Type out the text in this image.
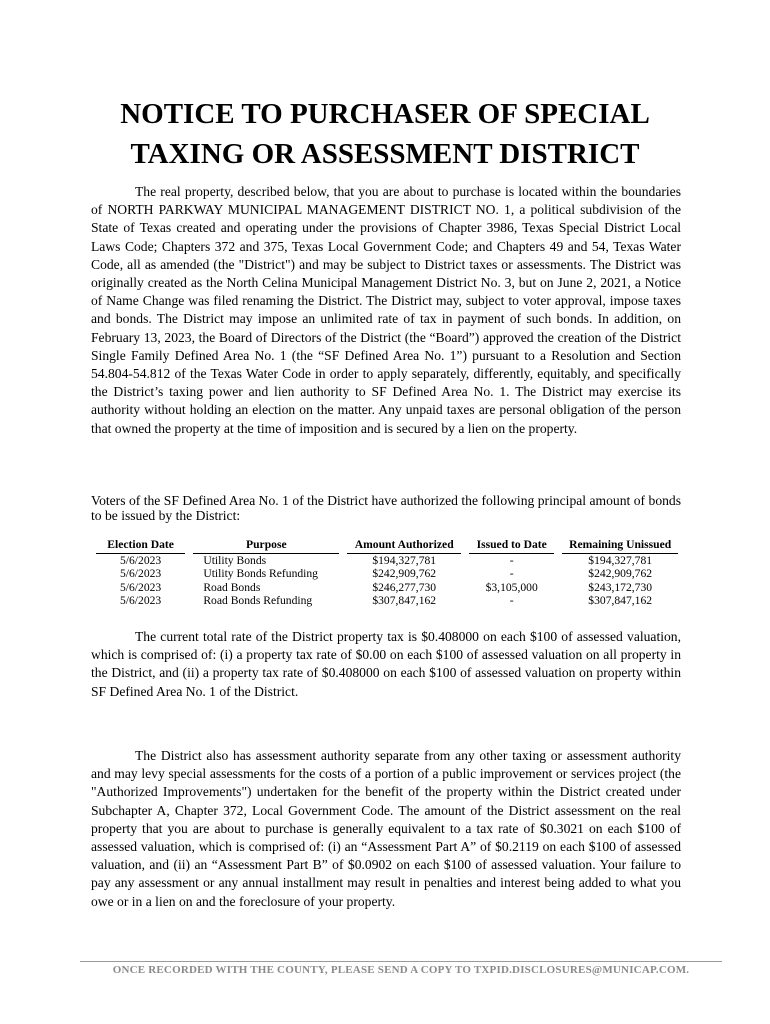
NOTICE TO PURCHASER OF SPECIAL
TAXING OR ASSESSMENT DISTRICT

The real property, described below, that you are about to purchase is located within the boundaries of NORTH PARKWAY MUNICIPAL MANAGEMENT DISTRICT NO. 1, a political subdivision of the State of Texas created and operating under the provisions of Chapter 3986, Texas Special District Local Laws Code; Chapters 372 and 375, Texas Local Government Code; and Chapters 49 and 54, Texas Water Code, all as amended (the "District") and may be subject to District taxes or assessments. The District was originally created as the North Celina Municipal Management District No. 3, but on June 2, 2021, a Notice of Name Change was filed renaming the District. The District may, subject to voter approval, impose taxes and bonds. The District may impose an unlimited rate of tax in payment of such bonds. In addition, on February 13, 2023, the Board of Directors of the District (the “Board”) approved the creation of the District Single Family Defined Area No. 1 (the “SF Defined Area No. 1”) pursuant to a Resolution and Section 54.804-54.812 of the Texas Water Code in order to apply separately, differently, equitably, and specifically the District’s taxing power and lien authority to SF Defined Area No. 1. The District may exercise its authority without holding an election on the matter. Any unpaid taxes are personal obligation of the person that owned the property at the time of imposition and is secured by a lien on the property.

Voters of the SF Defined Area No. 1 of the District have authorized the following principal amount of bonds to be issued by the District:

Election Date		Purpose		Amount Authorized		Issued to Date		Remaining Unissued
5/6/2023		Utility Bonds		$194,327,781		-		$194,327,781
5/6/2023		Utility Bonds Refunding		$242,909,762		-		$242,909,762
5/6/2023		Road Bonds		$246,277,730		$3,105,000		$243,172,730
5/6/2023		Road Bonds Refunding		$307,847,162		-		$307,847,162

The current total rate of the District property tax is $0.408000 on each $100 of assessed valuation, which is comprised of: (i) a property tax rate of $0.00 on each $100 of assessed valuation on all property in the District, and (ii) a property tax rate of $0.408000 on each $100 of assessed valuation on property within SF Defined Area No. 1 of the District.

The District also has assessment authority separate from any other taxing or assessment authority and may levy special assessments for the costs of a portion of a public improvement or services project (the "Authorized Improvements") undertaken for the benefit of the property within the District created under Subchapter A, Chapter 372, Local Government Code. The amount of the District assessment on the real property that you are about to purchase is generally equivalent to a tax rate of $0.3021 on each $100 of assessed valuation, which is comprised of: (i) an “Assessment Part A” of $0.2119 on each $100 of assessed valuation, and (ii) an “Assessment Part B” of $0.0902 on each $100 of assessed valuation. Your failure to pay any assessment or any annual installment may result in penalties and interest being added to what you owe or in a lien on and the foreclosure of your property.

ONCE RECORDED WITH THE COUNTY, PLEASE SEND A COPY TO TXPID.DISCLOSURES@MUNICAP.COM.
